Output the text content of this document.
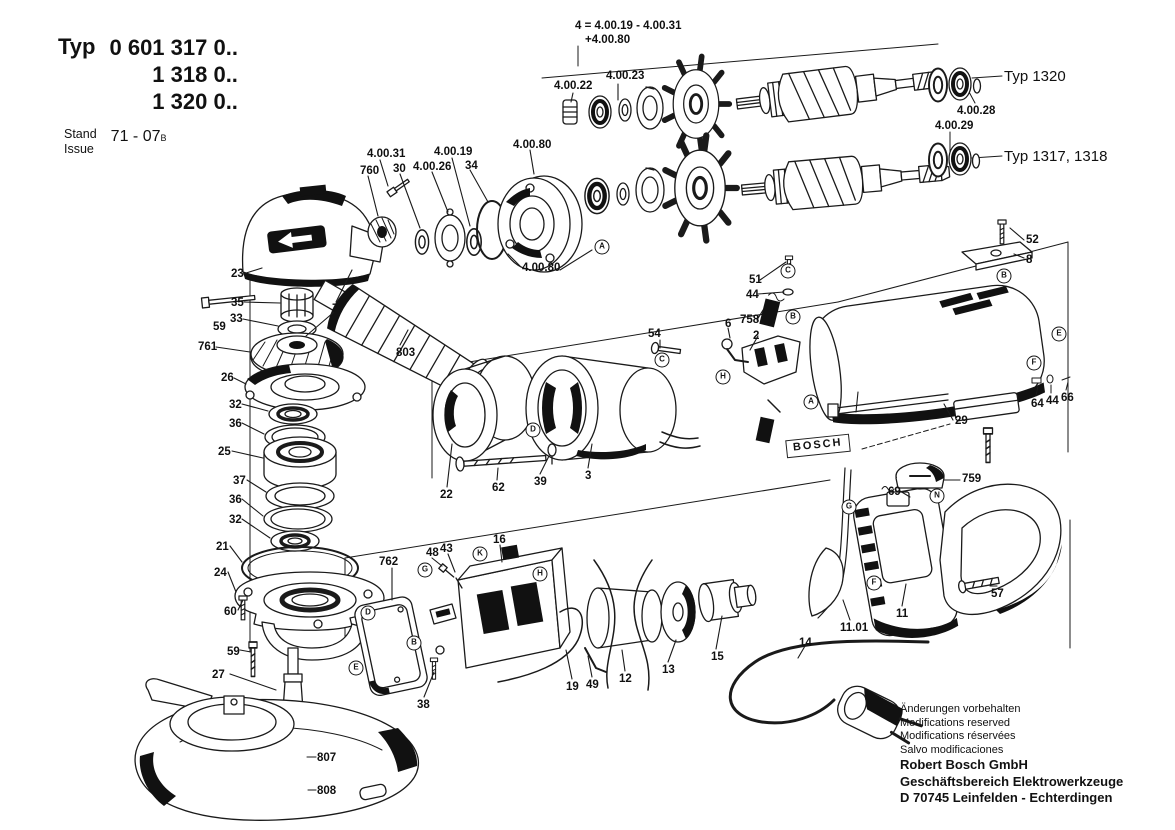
Typ 0 601 317 0..
1 318 0..
1 320 0..
Stand
Issue
71 - 07B
BOSCH
Änderungen vorbehalten
Modifications reserved
Modifications réservées
Salvo modificaciones
Robert Bosch GmbH
Geschäftsbereich Elektrowerkzeuge
D 70745 Leinfelden - Echterdingen
4 = 4.00.19 - 4.00.31
+4.00.80
4.00.22
4.00.23	Typ 1320
4.00.28
4.00.29
Typ 1317, 1318
4.00.31
760 30 4.00.26
4.00.19
34
4.00.80
4.00.80
23
35
33
59
761
7
26
32
36
25
37
36
32
21
24
60
59
27
807
808
803
22
62	39	3
54
6 758
2
51
44
52
8
64 44 66
29
1
762
48 43
16
38
19 49 12
13
15
14
759
69
57
11
11.01
A
A
B
B
B
C
C
D
D
E
E
F
F
G
G
H
H
K
N
